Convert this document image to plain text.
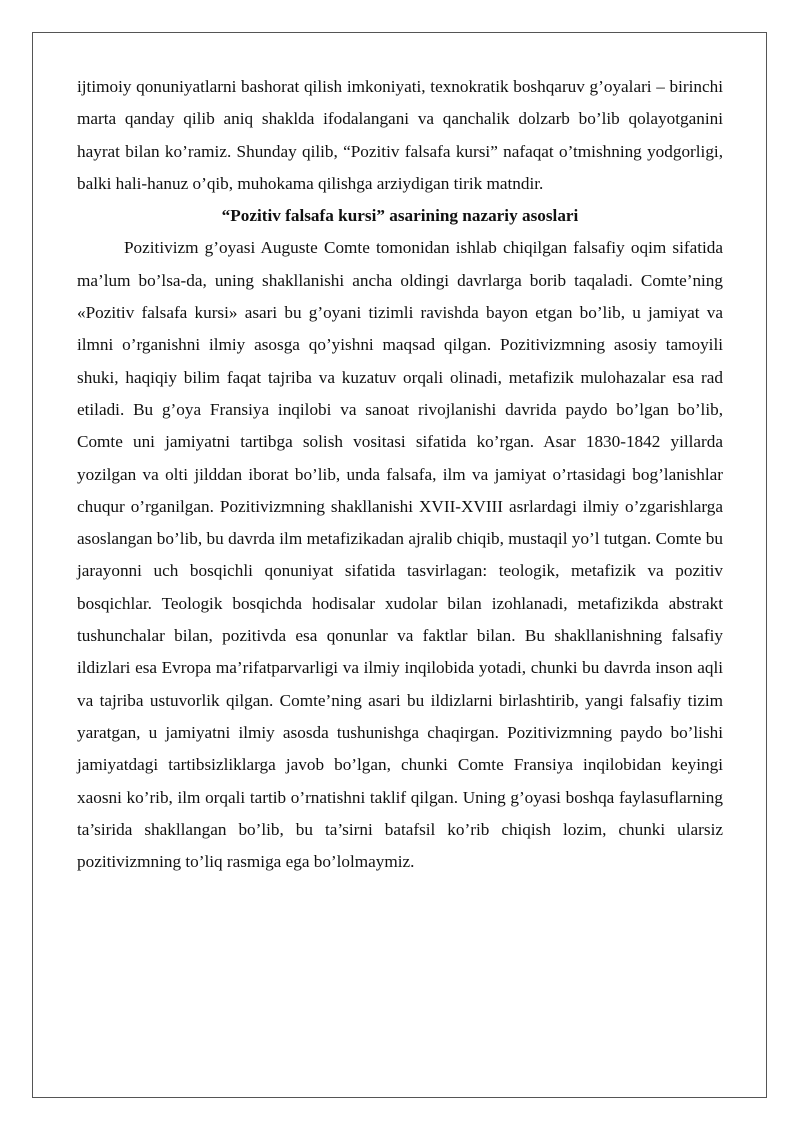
ijtimoiy qonuniyatlarni bashorat qilish imkoniyati, texnokratik boshqaruv g’oyalari – birinchi marta qanday qilib aniq shaklda ifodalangani va qanchalik dolzarb bo’lib qolayotganini hayrat bilan ko’ramiz. Shunday qilib, “Pozitiv falsafa kursi” nafaqat o’tmishning yodgorligi, balki hali-hanuz o’qib, muhokama qilishga arziydigan tirik matndir.

“Pozitiv falsafa kursi” asarining nazariy asoslari

Pozitivizm g’oyasi Auguste Comte tomonidan ishlab chiqilgan falsafiy oqim sifatida ma’lum bo’lsa-da, uning shakllanishi ancha oldingi davrlarga borib taqaladi. Comte’ning «Pozitiv falsafa kursi» asari bu g’oyani tizimli ravishda bayon etgan bo’lib, u jamiyat va ilmni o’rganishni ilmiy asosga qo’yishni maqsad qilgan. Pozitivizmning asosiy tamoyili shuki, haqiqiy bilim faqat tajriba va kuzatuv orqali olinadi, metafizik mulohazalar esa rad etiladi. Bu g’oya Fransiya inqilobi va sanoat rivojlanishi davrida paydo bo’lgan bo’lib, Comte uni jamiyatni tartibga solish vositasi sifatida ko’rgan. Asar 1830-1842 yillarda yozilgan va olti jilddan iborat bo’lib, unda falsafa, ilm va jamiyat o’rtasidagi bog’lanishlar chuqur o’rganilgan. Pozitivizmning shakllanishi XVII-XVIII asrlardagi ilmiy o’zgarishlarga asoslangan bo’lib, bu davrda ilm metafizikadan ajralib chiqib, mustaqil yo’l tutgan. Comte bu jarayonni uch bosqichli qonuniyat sifatida tasvirlagan: teologik, metafizik va pozitiv bosqichlar. Teologik bosqichda hodisalar xudolar bilan izohlanadi, metafizikda abstrakt tushunchalar bilan, pozitivda esa qonunlar va faktlar bilan. Bu shakllanishning falsafiy ildizlari esa Evropa ma’rifatparvarligi va ilmiy inqilobida yotadi, chunki bu davrda inson aqli va tajriba ustuvorlik qilgan. Comte’ning asari bu ildizlarni birlashtirib, yangi falsafiy tizim yaratgan, u jamiyatni ilmiy asosda tushunishga chaqirgan. Pozitivizmning paydo bo’lishi jamiyatdagi tartibsizliklarga javob bo’lgan, chunki Comte Fransiya inqilobidan keyingi xaosni ko’rib, ilm orqali tartib o’rnatishni taklif qilgan. Uning g’oyasi boshqa faylasuflarning ta’sirida shakllangan bo’lib, bu ta’sirni batafsil ko’rib chiqish lozim, chunki ularsiz pozitivizmning to’liq rasmiga ega bo’lolmaymiz.
